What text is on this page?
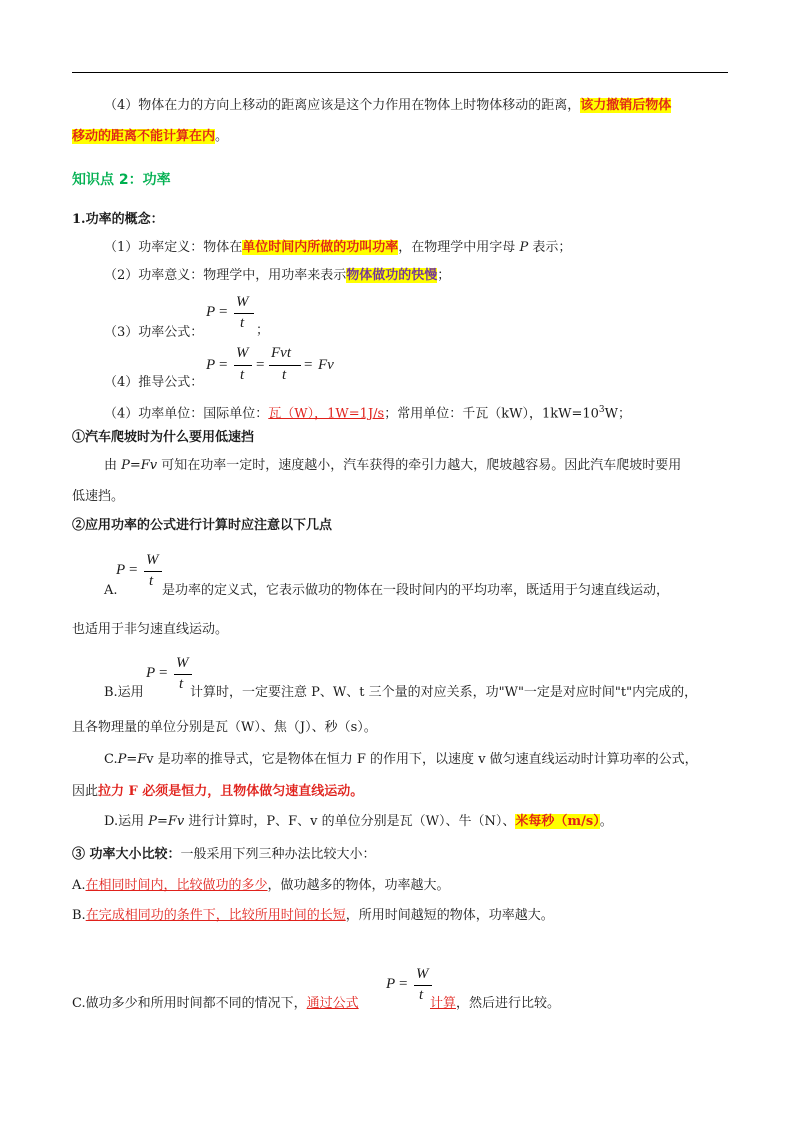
（4）物体在力的方向上移动的距离应该是这个力作用在物体上时物体移动的距离，该力撤销后物体
移动的距离不能计算在内。
知识点 2：功率
1.功率的概念：
（1）功率定义：物体在单位时间内所做的功叫功率，在物理学中用字母 P 表示；
（2）功率意义：物理学中，用功率来表示物体做功的快慢；
（3）功率公式：
P =
W
t ；
（4）推导公式：
P =
W
t
=
Fvt
t
= Fv
（4）功率单位：国际单位：瓦（W），1W=1J/s；常用单位：千瓦（kW），$1kW=10^3W$；
①汽车爬坡时为什么要用低速挡
由 P=Fv 可知在功率一定时，速度越小，汽车获得的牵引力越大，爬坡越容易。因此汽车爬坡时要用
低速挡。
②应用功率的公式进行计算时应注意以下几点
P =
W
t
A.	是功率的定义式，它表示做功的物体在一段时间内的平均功率，既适用于匀速直线运动，
也适用于非匀速直线运动。
P =
W
t
B.运用	计算时，一定要注意 P、W、t 三个量的对应关系，功"W"一定是对应时间"t"内完成的，
且各物理量的单位分别是瓦（W）、焦（J）、秒（s）。
C.P=Fv 是功率的推导式，它是物体在恒力 F 的作用下，以速度 v 做匀速直线运动时计算功率的公式，
因此拉力 F 必须是恒力，且物体做匀速直线运动。
D.运用 P=Fv 进行计算时，P、F、v 的单位分别是瓦（W）、牛（N）、米每秒（m/s）。
③ 功率大小比较：一般采用下列三种办法比较大小：
A.在相同时间内，比较做功的多少，做功越多的物体，功率越大。
B.在完成相同功的条件下，比较所用时间的长短，所用时间越短的物体，功率越大。
P =
W
t
C.做功多少和所用时间都不同的情况下，通过公式	计算，然后进行比较。
